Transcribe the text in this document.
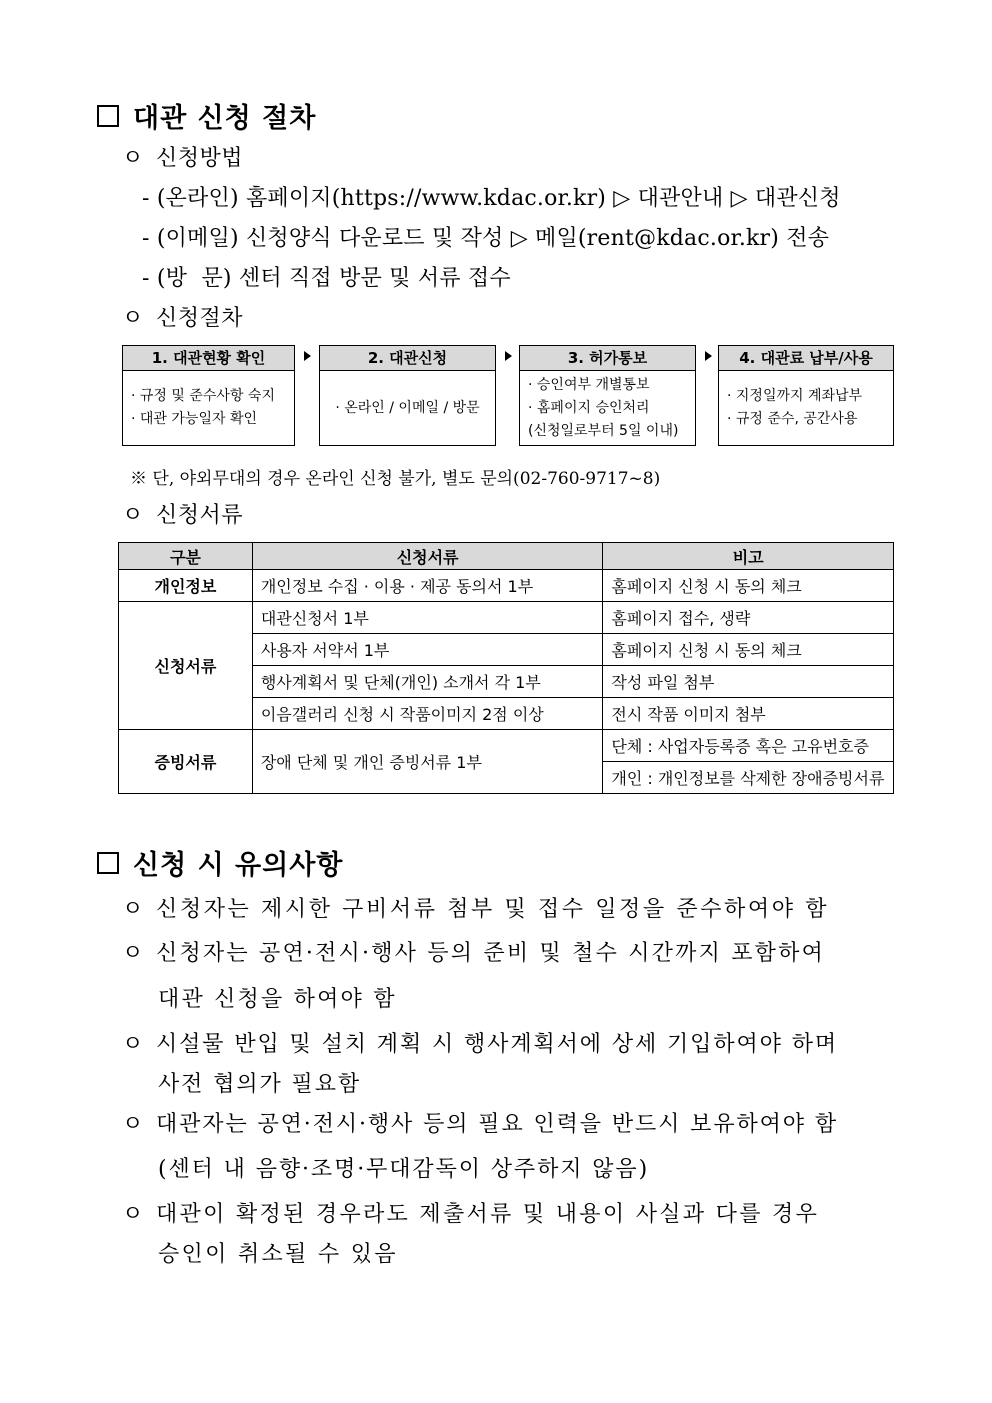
대관 신청 절차
ㅇ 신청방법
- (온라인) 홈페이지(https://www.kdac.or.kr) ▷ 대관안내 ▷ 대관신청
- (이메일) 신청양식 다운로드 및 작성 ▷ 메일(rent@kdac.or.kr) 전송
- (방  문) 센터 직접 방문 및 서류 접수
ㅇ 신청절차
1. 대관현황 확인
· 규정 및 준수사항 숙지
· 대관 가능일자 확인
2. 대관신청
· 온라인 / 이메일 / 방문
3. 허가통보
· 승인여부 개별통보
· 홈페이지 승인처리
(신청일로부터 5일 이내)
4. 대관료 납부/사용
· 지정일까지 계좌납부
· 규정 준수, 공간사용
※ 단, 야외무대의 경우 온라인 신청 불가, 별도 문의(02-760-9717~8)
ㅇ 신청서류
구분	신청서류	비고
개인정보	개인정보 수집 · 이용 · 제공 동의서 1부	홈페이지 신청 시 동의 체크
신청서류	대관신청서 1부	홈페이지 접수, 생략
	사용자 서약서 1부	홈페이지 신청 시 동의 체크
	행사계획서 및 단체(개인) 소개서 각 1부	작성 파일 첨부
	이음갤러리 신청 시 작품이미지 2점 이상	전시 작품 이미지 첨부
증빙서류	장애 단체 및 개인 증빙서류 1부	단체 : 사업자등록증 혹은 고유번호증
		개인 : 개인정보를 삭제한 장애증빙서류
신청 시 유의사항
ㅇ 신청자는 제시한 구비서류 첨부 및 접수 일정을 준수하여야 함
ㅇ 신청자는 공연·전시·행사 등의 준비 및 철수 시간까지 포함하여
대관 신청을 하여야 함
ㅇ 시설물 반입 및 설치 계획 시 행사계획서에 상세 기입하여야 하며
사전 협의가 필요함
ㅇ 대관자는 공연·전시·행사 등의 필요 인력을 반드시 보유하여야 함
(센터 내 음향·조명·무대감독이 상주하지 않음)
ㅇ 대관이 확정된 경우라도 제출서류 및 내용이 사실과 다를 경우
승인이 취소될 수 있음
